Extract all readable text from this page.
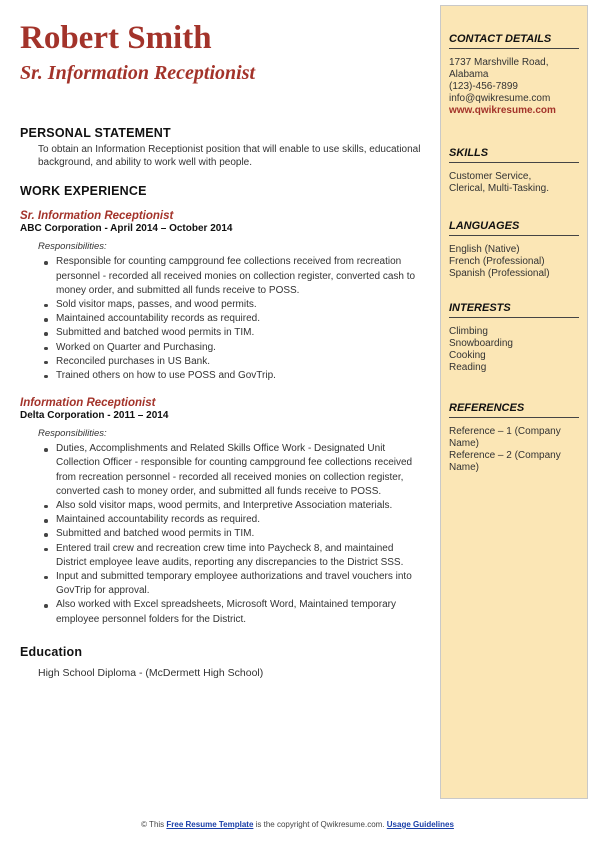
Robert Smith
Sr. Information Receptionist
PERSONAL STATEMENT
To obtain an Information Receptionist position that will enable to use skills, educational background, and ability to work well with people.
WORK EXPERIENCE
Sr. Information Receptionist
ABC Corporation - April 2014 – October 2014
Responsibilities:
Responsible for counting campground fee collections received from recreation personnel - recorded all received monies on collection register, converted cash to money order, and submitted all funds receive to POSS.
Sold visitor maps, passes, and wood permits.
Maintained accountability records as required.
Submitted and batched wood permits in TIM.
Worked on Quarter and Purchasing.
Reconciled purchases in US Bank.
Trained others on how to use POSS and GovTrip.
Information Receptionist
Delta Corporation - 2011 – 2014
Responsibilities:
Duties, Accomplishments and Related Skills Office Work - Designated Unit Collection Officer - responsible for counting campground fee collections received from recreation personnel - recorded all received monies on collection register, converted cash to money order, and submitted all funds receive to POSS.
Also sold visitor maps, wood permits, and Interpretive Association materials.
Maintained accountability records as required.
Submitted and batched wood permits in TIM.
Entered trail crew and recreation crew time into Paycheck 8, and maintained District employee leave audits, reporting any discrepancies to the District SSS.
Input and submitted temporary employee authorizations and travel vouchers into GovTrip for approval.
Also worked with Excel spreadsheets, Microsoft Word, Maintained temporary employee personnel folders for the District.
Education
High School Diploma - (McDermett High School)
CONTACT DETAILS
1737 Marshville Road,
Alabama
(123)-456-7899
info@qwikresume.com
www.qwikresume.com
SKILLS
Customer Service,
Clerical, Multi-Tasking.
LANGUAGES
English (Native)
French (Professional)
Spanish (Professional)
INTERESTS
Climbing
Snowboarding
Cooking
Reading
REFERENCES
Reference – 1 (Company
Name)
Reference – 2 (Company
Name)
© This Free Resume Template is the copyright of Qwikresume.com. Usage Guidelines
